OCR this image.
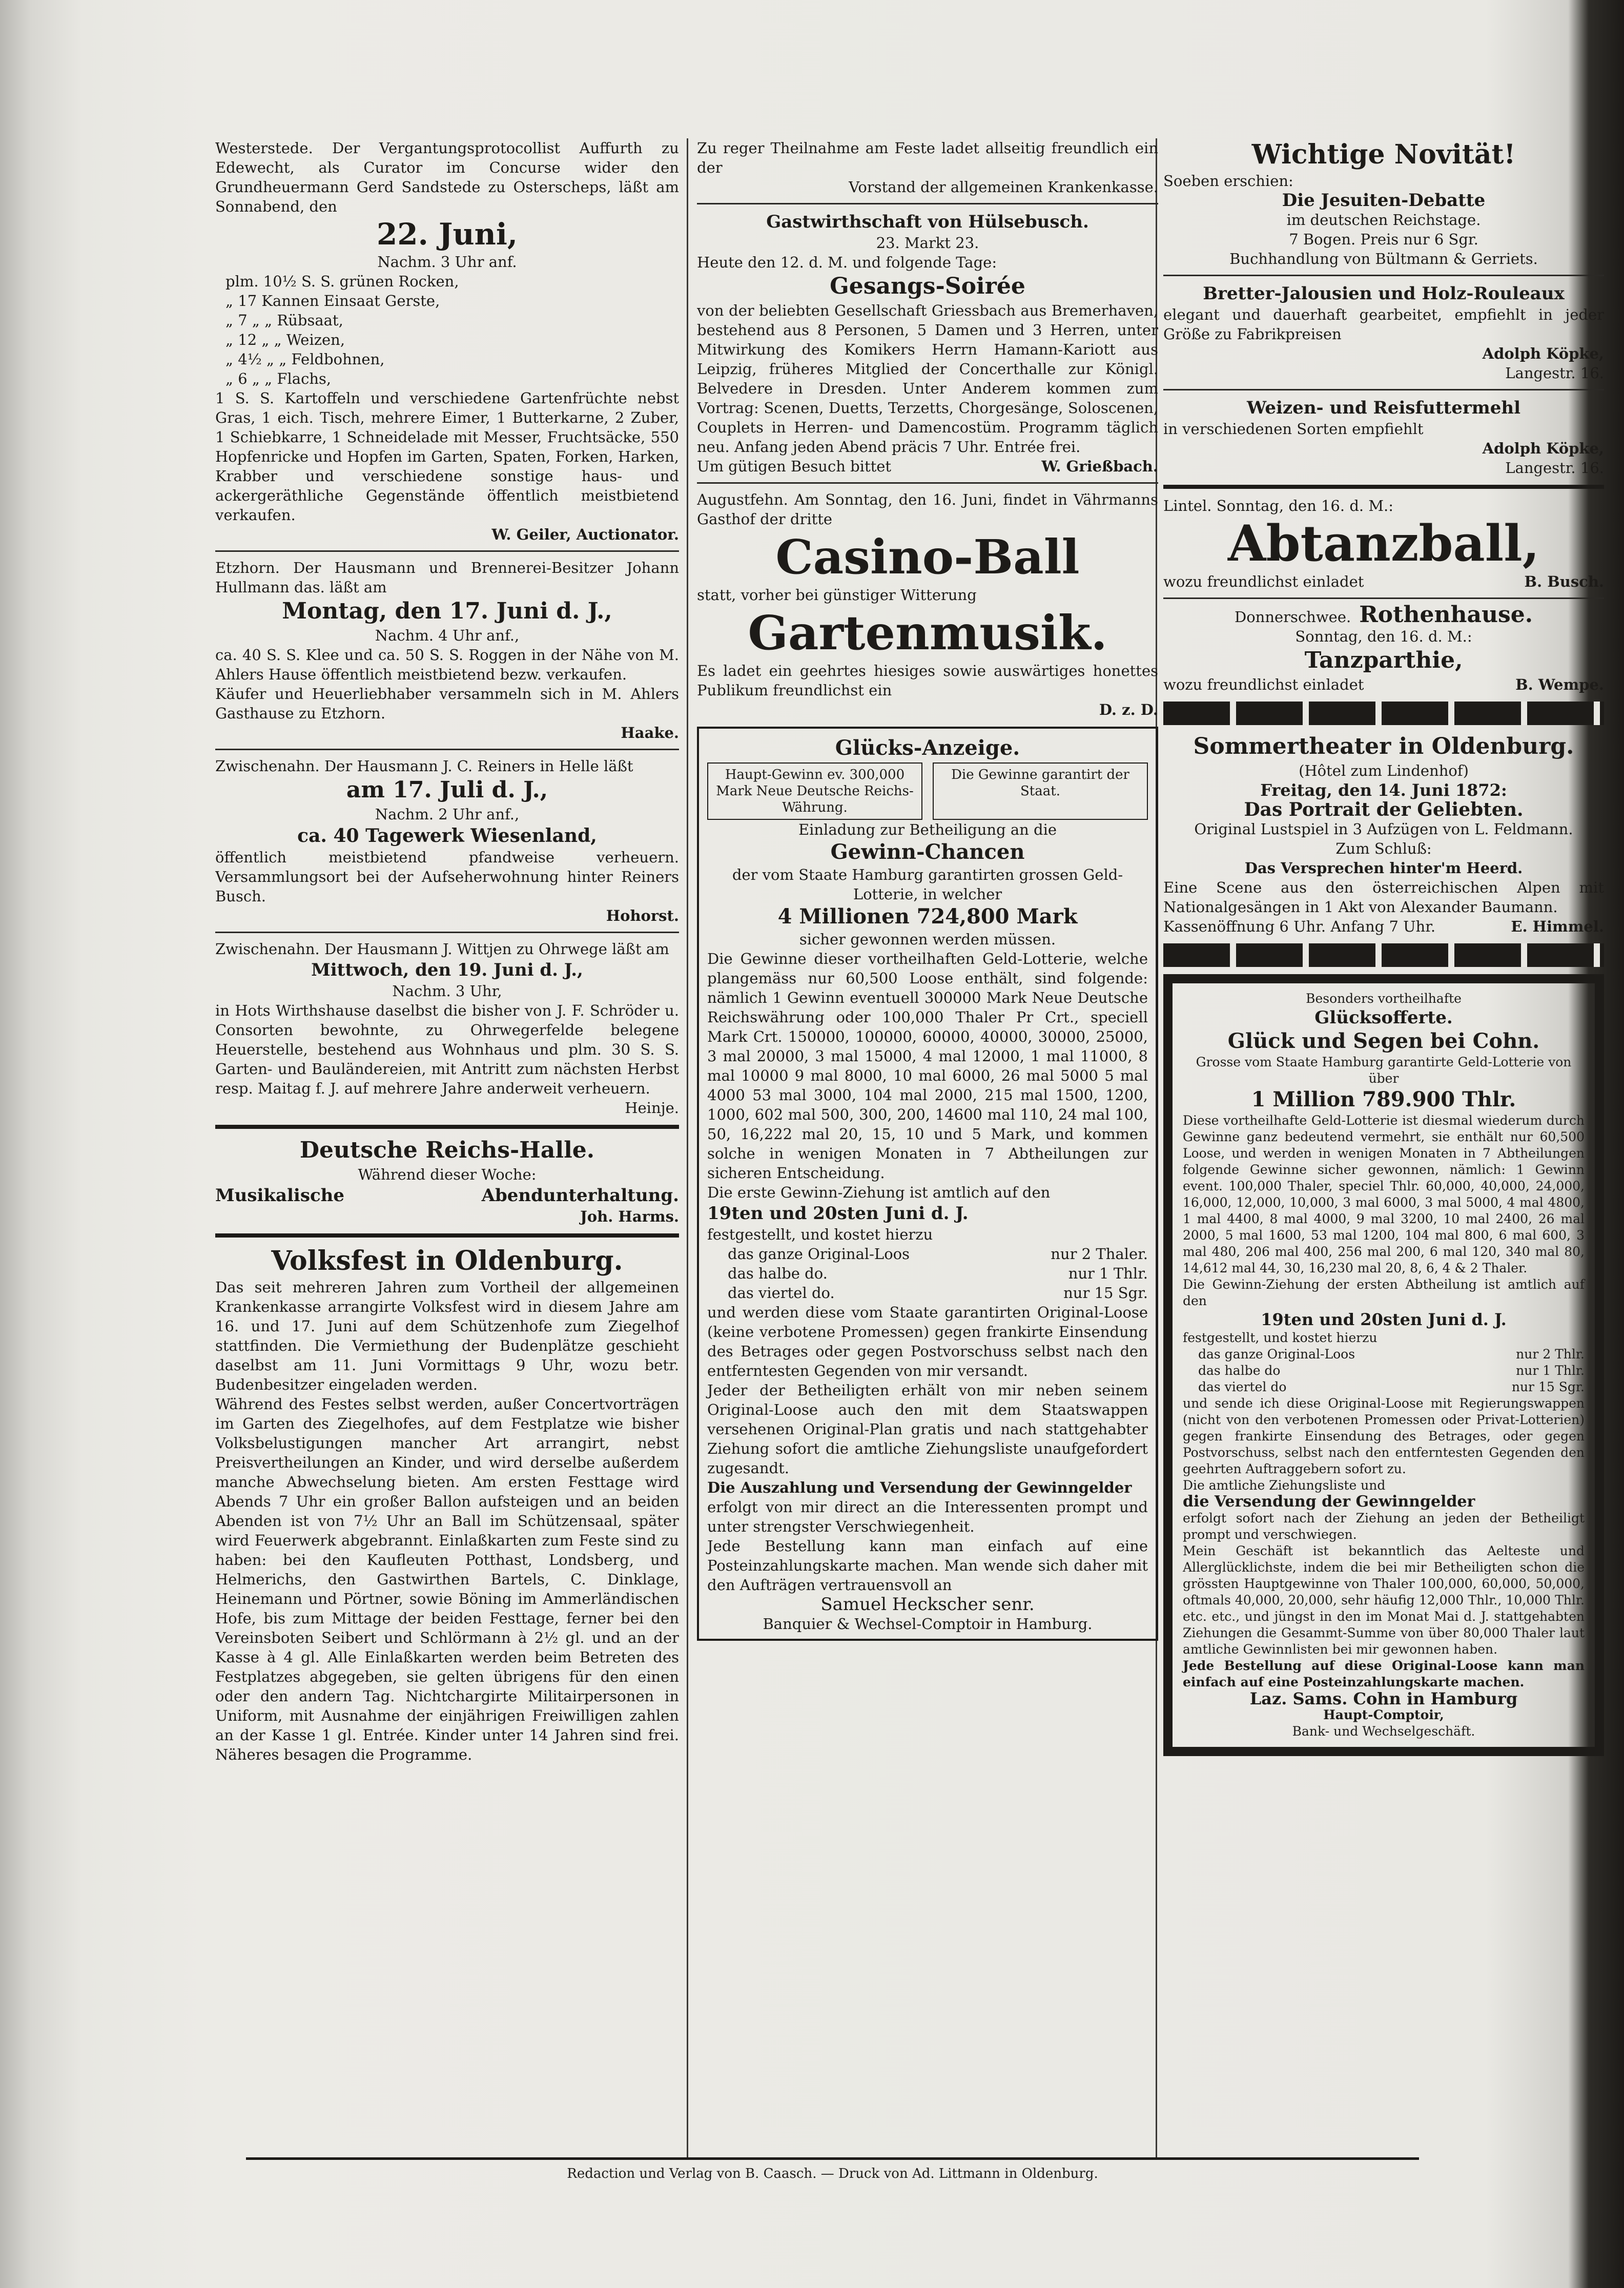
Westerstede. Der Vergantungsprotocollist Auffurth zu Edewecht, als Curator im Concurse wider den Grundheuermann Gerd Sandstede zu Osterscheps, läßt am Sonnabend, den

22. Juni,

Nachm. 3 Uhr anf.

plm. 10½ S. S. grünen Rocken,

„ 17 Kannen Einsaat Gerste,

„ 7 „ „ Rübsaat,

„ 12 „ „ Weizen,

„ 4½ „ „ Feldbohnen,

„ 6 „ „ Flachs,

1 S. S. Kartoffeln und verschiedene Gartenfrüchte nebst Gras, 1 eich. Tisch, mehrere Eimer, 1 Butterkarne, 2 Zuber, 1 Schiebkarre, 1 Schneidelade mit Messer, Fruchtsäcke, 550 Hopfenricke und Hopfen im Garten, Spaten, Forken, Harken, Krabber und verschiedene sonstige haus- und ackergeräthliche Gegenstände öffentlich meistbietend verkaufen.

W. Geiler, Auctionator.

Etzhorn. Der Hausmann und Brennerei-Besitzer Johann Hullmann das. läßt am

Montag, den 17. Juni d. J.,

Nachm. 4 Uhr anf.,

ca. 40 S. S. Klee und ca. 50 S. S. Roggen in der Nähe von M. Ahlers Hause öffentlich meistbietend bezw. verkaufen.

Käufer und Heuerliebhaber versammeln sich in M. Ahlers Gasthause zu Etzhorn.

Haake.

Zwischenahn. Der Hausmann J. C. Reiners in Helle läßt

am 17. Juli d. J.,

Nachm. 2 Uhr anf.,

ca. 40 Tagewerk Wiesenland,

öffentlich meistbietend pfandweise verheuern. Versammlungsort bei der Aufseherwohnung hinter Reiners Busch.

Hohorst.

Zwischenahn. Der Hausmann J. Wittjen zu Ohrwege läßt am

Mittwoch, den 19. Juni d. J.,

Nachm. 3 Uhr,

in Hots Wirthshause daselbst die bisher von J. F. Schröder u. Consorten bewohnte, zu Ohrwegerfelde belegene Heuerstelle, bestehend aus Wohnhaus und plm. 30 S. S. Garten- und Bauländereien, mit Antritt zum nächsten Herbst resp. Maitag f. J. auf mehrere Jahre anderweit verheuern.

Heinje.

Deutsche Reichs-Halle.

Während dieser Woche:

Musikalische	Abendunterhaltung.

Joh. Harms.

Volksfest in Oldenburg.

Das seit mehreren Jahren zum Vortheil der allgemeinen Krankenkasse arrangirte Volksfest wird in diesem Jahre am 16. und 17. Juni auf dem Schützenhofe zum Ziegelhof stattfinden. Die Vermiethung der Budenplätze geschieht daselbst am 11. Juni Vormittags 9 Uhr, wozu betr. Budenbesitzer eingeladen werden.

Während des Festes selbst werden, außer Concertvorträgen im Garten des Ziegelhofes, auf dem Festplatze wie bisher Volksbelustigungen mancher Art arrangirt, nebst Preisvertheilungen an Kinder, und wird derselbe außerdem manche Abwechselung bieten. Am ersten Festtage wird Abends 7 Uhr ein großer Ballon aufsteigen und an beiden Abenden ist von 7½ Uhr an Ball im Schützensaal, später wird Feuerwerk abgebrannt. Einlaßkarten zum Feste sind zu haben: bei den Kaufleuten Potthast, Londsberg, und Helmerichs, den Gastwirthen Bartels, C. Dinklage, Heinemann und Pörtner, sowie Böning im Ammerländischen Hofe, bis zum Mittage der beiden Festtage, ferner bei den Vereinsboten Seibert und Schlörmann à 2½ gl. und an der Kasse à 4 gl. Alle Einlaßkarten werden beim Betreten des Festplatzes abgegeben, sie gelten übrigens für den einen oder den andern Tag. Nichtchargirte Militairpersonen in Uniform, mit Ausnahme der einjährigen Freiwilligen zahlen an der Kasse 1 gl. Entrée. Kinder unter 14 Jahren sind frei. Näheres besagen die Programme.

Zu reger Theilnahme am Feste ladet allseitig freundlich ein der

Vorstand der allgemeinen Krankenkasse.

Gastwirthschaft von Hülsebusch.

23. Markt 23.

Heute den 12. d. M. und folgende Tage:

Gesangs-Soirée

von der beliebten Gesellschaft Griessbach aus Bremerhaven, bestehend aus 8 Personen, 5 Damen und 3 Herren, unter Mitwirkung des Komikers Herrn Hamann-Kariott aus Leipzig, früheres Mitglied der Concerthalle zur Königl. Belvedere in Dresden. Unter Anderem kommen zum Vortrag: Scenen, Duetts, Terzetts, Chorgesänge, Soloscenen, Couplets in Herren- und Damencostüm. Programm täglich neu. Anfang jeden Abend präcis 7 Uhr. Entrée frei.

Um gütigen Besuch bittet	W. Grießbach.

Augustfehn. Am Sonntag, den 16. Juni, findet in Vährmanns Gasthof der dritte

Casino-Ball

statt, vorher bei günstiger Witterung

Gartenmusik.

Es ladet ein geehrtes hiesiges sowie auswärtiges honettes Publikum freundlichst ein

D. z. D.

Glücks-Anzeige.
Haupt-Gewinn ev. 300,000 Mark Neue Deutsche Reichs-Währung.
Die Gewinne garantirt der Staat.

Einladung zur Betheiligung an die

Gewinn-Chancen

der vom Staate Hamburg garantirten grossen Geld-Lotterie, in welcher

4 Millionen 724,800 Mark

sicher gewonnen werden müssen.

Die Gewinne dieser vortheilhaften Geld-Lotterie, welche plangemäss nur 60,500 Loose enthält, sind folgende: nämlich 1 Gewinn eventuell 300000 Mark Neue Deutsche Reichswährung oder 100,000 Thaler Pr Crt., speciell Mark Crt. 150000, 100000, 60000, 40000, 30000, 25000, 3 mal 20000, 3 mal 15000, 4 mal 12000, 1 mal 11000, 8 mal 10000 9 mal 8000, 10 mal 6000, 26 mal 5000 5 mal 4000 53 mal 3000, 104 mal 2000, 215 mal 1500, 1200, 1000, 602 mal 500, 300, 200, 14600 mal 110, 24 mal 100, 50, 16,222 mal 20, 15, 10 und 5 Mark, und kommen solche in wenigen Monaten in 7 Abtheilungen zur sicheren Entscheidung.

Die erste Gewinn-Ziehung ist amtlich auf den

19ten und 20sten Juni d. J.

festgestellt, und kostet hierzu

das ganze Original-Loos	nur 2 Thaler.
das halbe do.	nur 1 Thlr.
das viertel do.	nur 15 Sgr.

und werden diese vom Staate garantirten Original-Loose (keine verbotene Promessen) gegen frankirte Einsendung des Betrages oder gegen Postvorschuss selbst nach den entferntesten Gegenden von mir versandt.

Jeder der Betheiligten erhält von mir neben seinem Original-Loose auch den mit dem Staatswappen versehenen Original-Plan gratis und nach stattgehabter Ziehung sofort die amtliche Ziehungsliste unaufgefordert zugesandt.

Die Auszahlung und Versendung der Gewinngelder

erfolgt von mir direct an die Interessenten prompt und unter strengster Verschwiegenheit.

Jede Bestellung kann man einfach auf eine Posteinzahlungskarte machen. Man wende sich daher mit den Aufträgen vertrauensvoll an

Samuel Heckscher senr.

Banquier & Wechsel-Comptoir in Hamburg.

Wichtige Novität!

Soeben erschien:

Die Jesuiten-Debatte

im deutschen Reichstage.

7 Bogen. Preis nur 6 Sgr.

Buchhandlung von Bültmann & Gerriets.

Bretter-Jalousien und Holz-Rouleaux

elegant und dauerhaft gearbeitet, empfiehlt in jeder Größe zu Fabrikpreisen

Adolph Köpke,

Langestr. 16.

Weizen- und Reisfuttermehl

in verschiedenen Sorten empfiehlt

Adolph Köpke,

Langestr. 16.

Lintel. Sonntag, den 16. d. M.:

Abtanzball,
wozu freundlichst einladet	B. Busch.
Donnerschwee. Rothenhause.

Sonntag, den 16. d. M.:

Tanzparthie,
wozu freundlichst einladet	B. Wempe.
Sommertheater in Oldenburg.

(Hôtel zum Lindenhof)

Freitag, den 14. Juni 1872:

Das Portrait der Geliebten.

Original Lustspiel in 3 Aufzügen von L. Feldmann.

Zum Schluß:

Das Versprechen hinter'm Heerd.

Eine Scene aus den österreichischen Alpen mit Nationalgesängen in 1 Akt von Alexander Baumann.

Kassenöffnung 6 Uhr. Anfang 7 Uhr.	E. Himmel.

Besonders vortheilhafte

Glücksofferte.

Glück und Segen bei Cohn.

Grosse vom Staate Hamburg garantirte Geld-Lotterie von über

1 Million 789.900 Thlr.

Diese vortheilhafte Geld-Lotterie ist diesmal wiederum durch Gewinne ganz bedeutend vermehrt, sie enthält nur 60,500 Loose, und werden in wenigen Monaten in 7 Abtheilungen folgende Gewinne sicher gewonnen, nämlich: 1 Gewinn event. 100,000 Thaler, speciel Thlr. 60,000, 40,000, 24,000, 16,000, 12,000, 10,000, 3 mal 6000, 3 mal 5000, 4 mal 4800, 1 mal 4400, 8 mal 4000, 9 mal 3200, 10 mal 2400, 26 mal 2000, 5 mal 1600, 53 mal 1200, 104 mal 800, 6 mal 600, 3 mal 480, 206 mal 400, 256 mal 200, 6 mal 120, 340 mal 80, 14,612 mal 44, 30, 16,230 mal 20, 8, 6, 4 & 2 Thaler.

Die Gewinn-Ziehung der ersten Abtheilung ist amtlich auf den

19ten und 20sten Juni d. J.

festgestellt, und kostet hierzu

das ganze Original-Loos	nur 2 Thlr.
das halbe do	nur 1 Thlr.
das viertel do	nur 15 Sgr.

und sende ich diese Original-Loose mit Regierungswappen (nicht von den verbotenen Promessen oder Privat-Lotterien) gegen frankirte Einsendung des Betrages, oder gegen Postvorschuss, selbst nach den entferntesten Gegenden den geehrten Auftraggebern sofort zu.

Die amtliche Ziehungsliste und

die Versendung der Gewinngelder

erfolgt sofort nach der Ziehung an jeden der Betheiligt prompt und verschwiegen.

Mein Geschäft ist bekanntlich das Aelteste und Allerglücklichste, indem die bei mir Betheiligten schon die grössten Hauptgewinne von Thaler 100,000, 60,000, 50,000, oftmals 40,000, 20,000, sehr häufig 12,000 Thlr., 10,000 Thlr. etc. etc., und jüngst in den im Monat Mai d. J. stattgehabten Ziehungen die Gesammt-Summe von über 80,000 Thaler laut amtliche Gewinnlisten bei mir gewonnen haben.

Jede Bestellung auf diese Original-Loose kann man einfach auf eine Posteinzahlungskarte machen.

Laz. Sams. Cohn in Hamburg

Haupt-Comptoir,

Bank- und Wechselgeschäft.

Redaction und Verlag von B. Caasch. — Druck von Ad. Littmann in Oldenburg.
